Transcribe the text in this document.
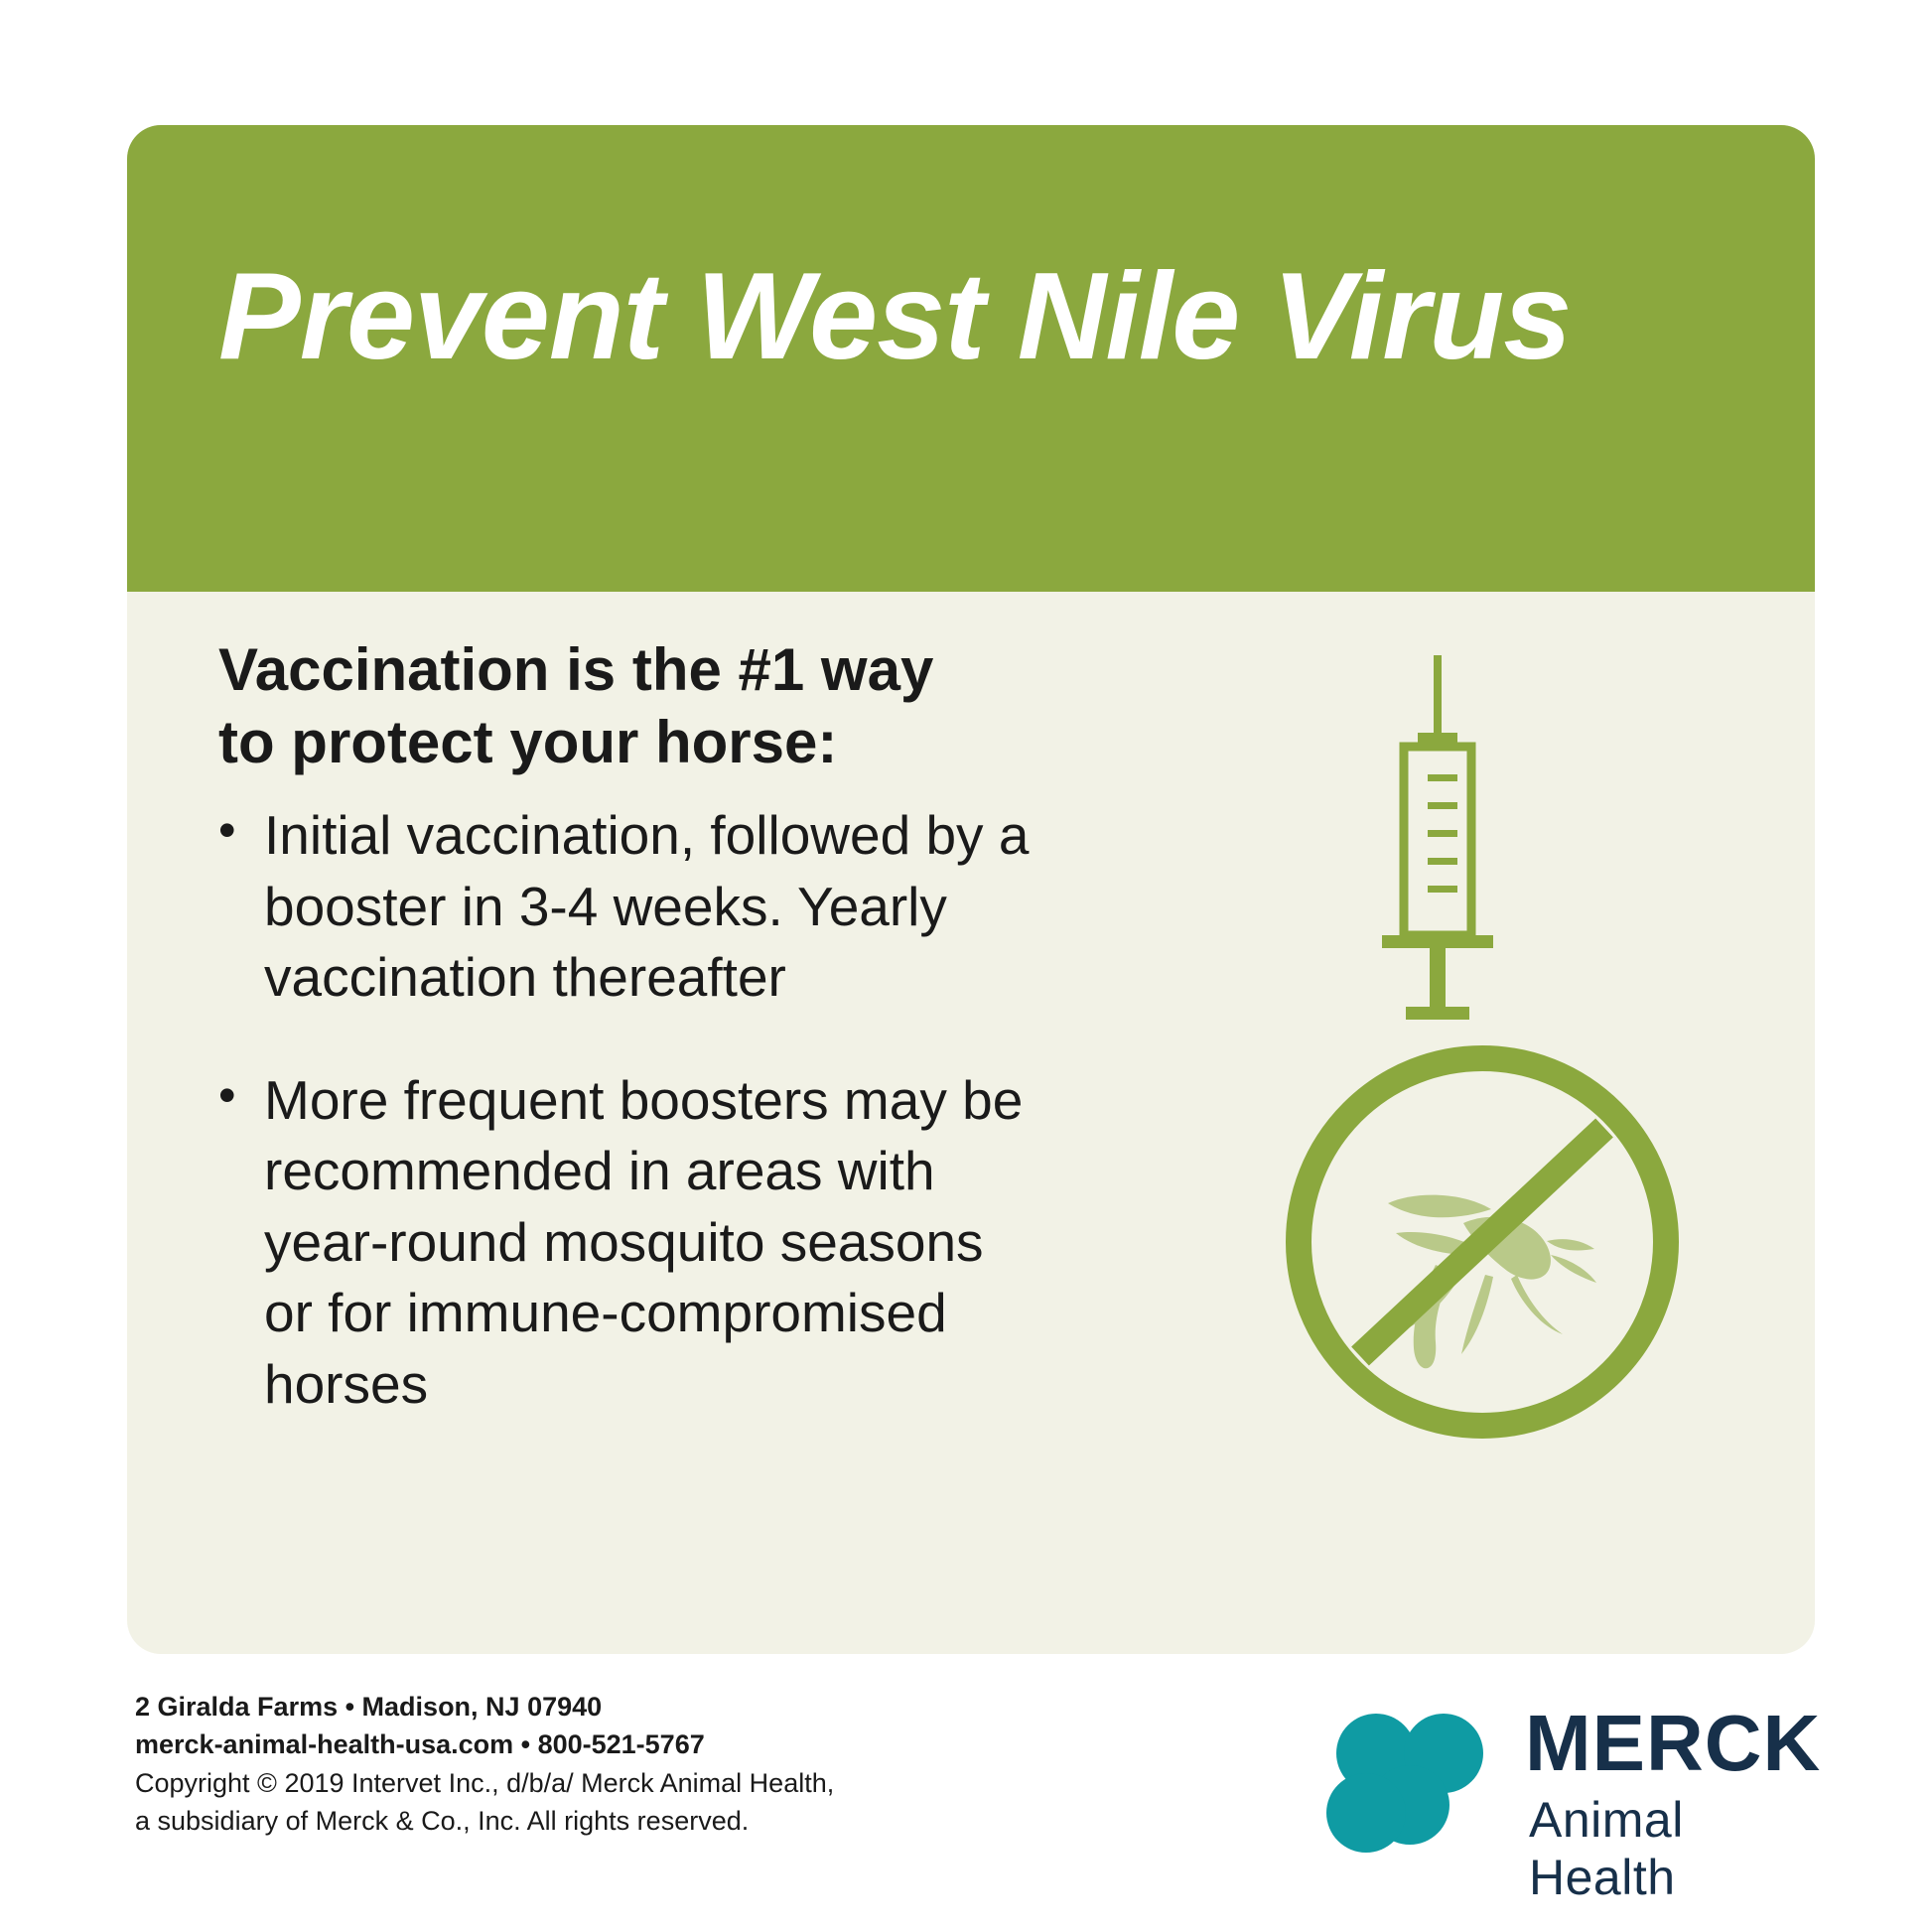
Prevent West Nile Virus
Vaccination is the #1 way
to protect your horse:
• Initial vaccination, followed by a booster in 3-4 weeks. Yearly vaccination thereafter
• More frequent boosters may be recommended in areas with year-round mosquito seasons or for immune-compromised horses
2 Giralda Farms • Madison, NJ 07940
merck-animal-health-usa.com • 800-521-5767
Copyright © 2019 Intervet Inc., d/b/a/ Merck Animal Health,
a subsidiary of Merck & Co., Inc. All rights reserved.
MERCK
Animal Health
